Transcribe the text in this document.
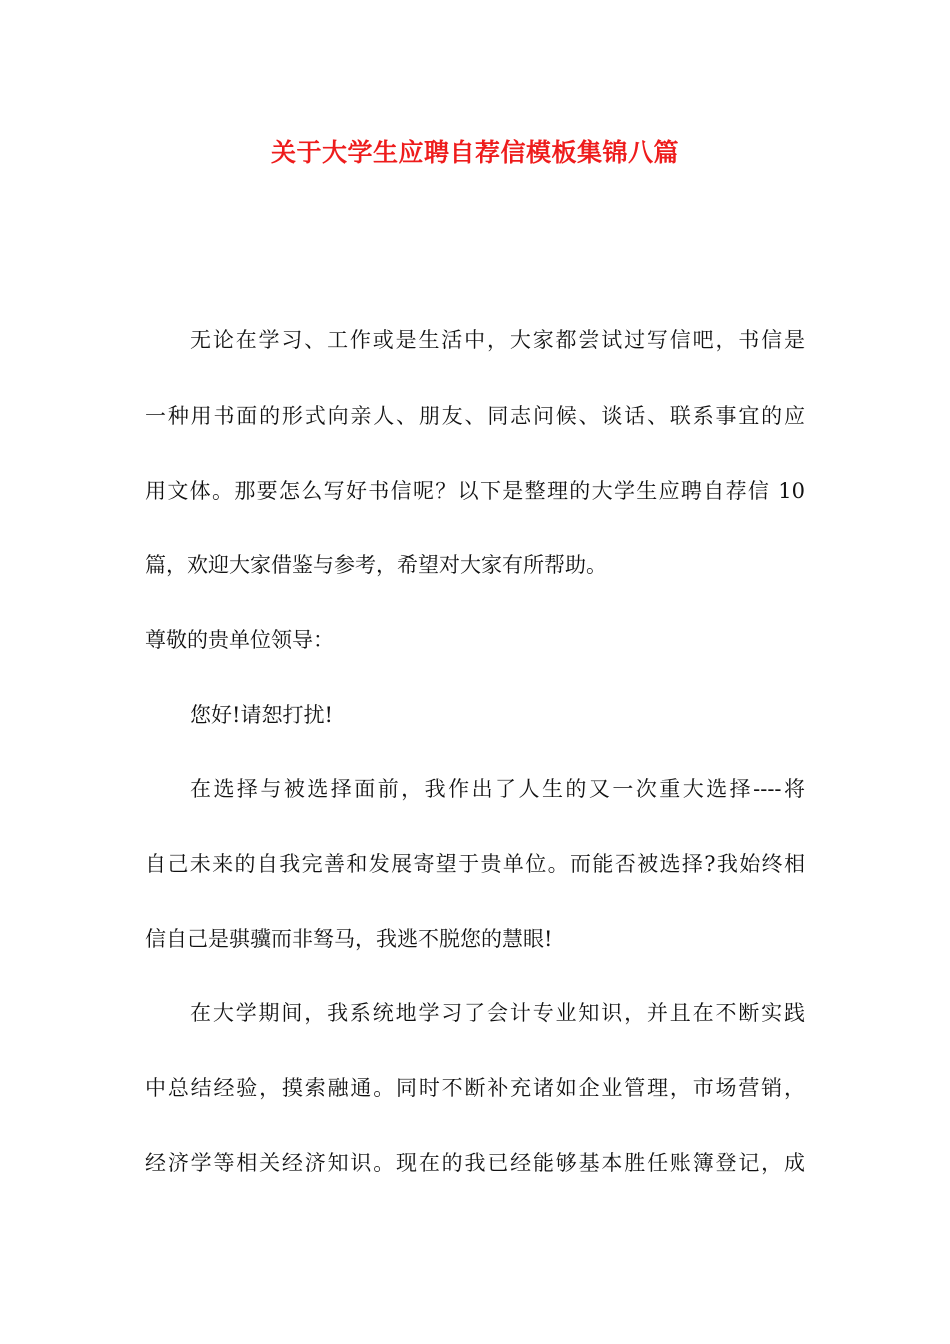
关于大学生应聘自荐信模板集锦八篇
无论在学习、工作或是生活中，大家都尝试过写信吧，书信是
一种用书面的形式向亲人、朋友、同志问候、谈话、联系事宜的应
用文体。那要怎么写好书信呢？以下是整理的大学生应聘自荐信 10
篇，欢迎大家借鉴与参考，希望对大家有所帮助。
尊敬的贵单位领导：
您好!请恕打扰!
在选择与被选择面前，我作出了人生的又一次重大选择----将
自己未来的自我完善和发展寄望于贵单位。而能否被选择?我始终相
信自己是骐骥而非驽马，我逃不脱您的慧眼!
在大学期间，我系统地学习了会计专业知识，并且在不断实践
中总结经验，摸索融通。同时不断补充诸如企业管理，市场营销，
经济学等相关经济知识。现在的我已经能够基本胜任账簿登记，成
